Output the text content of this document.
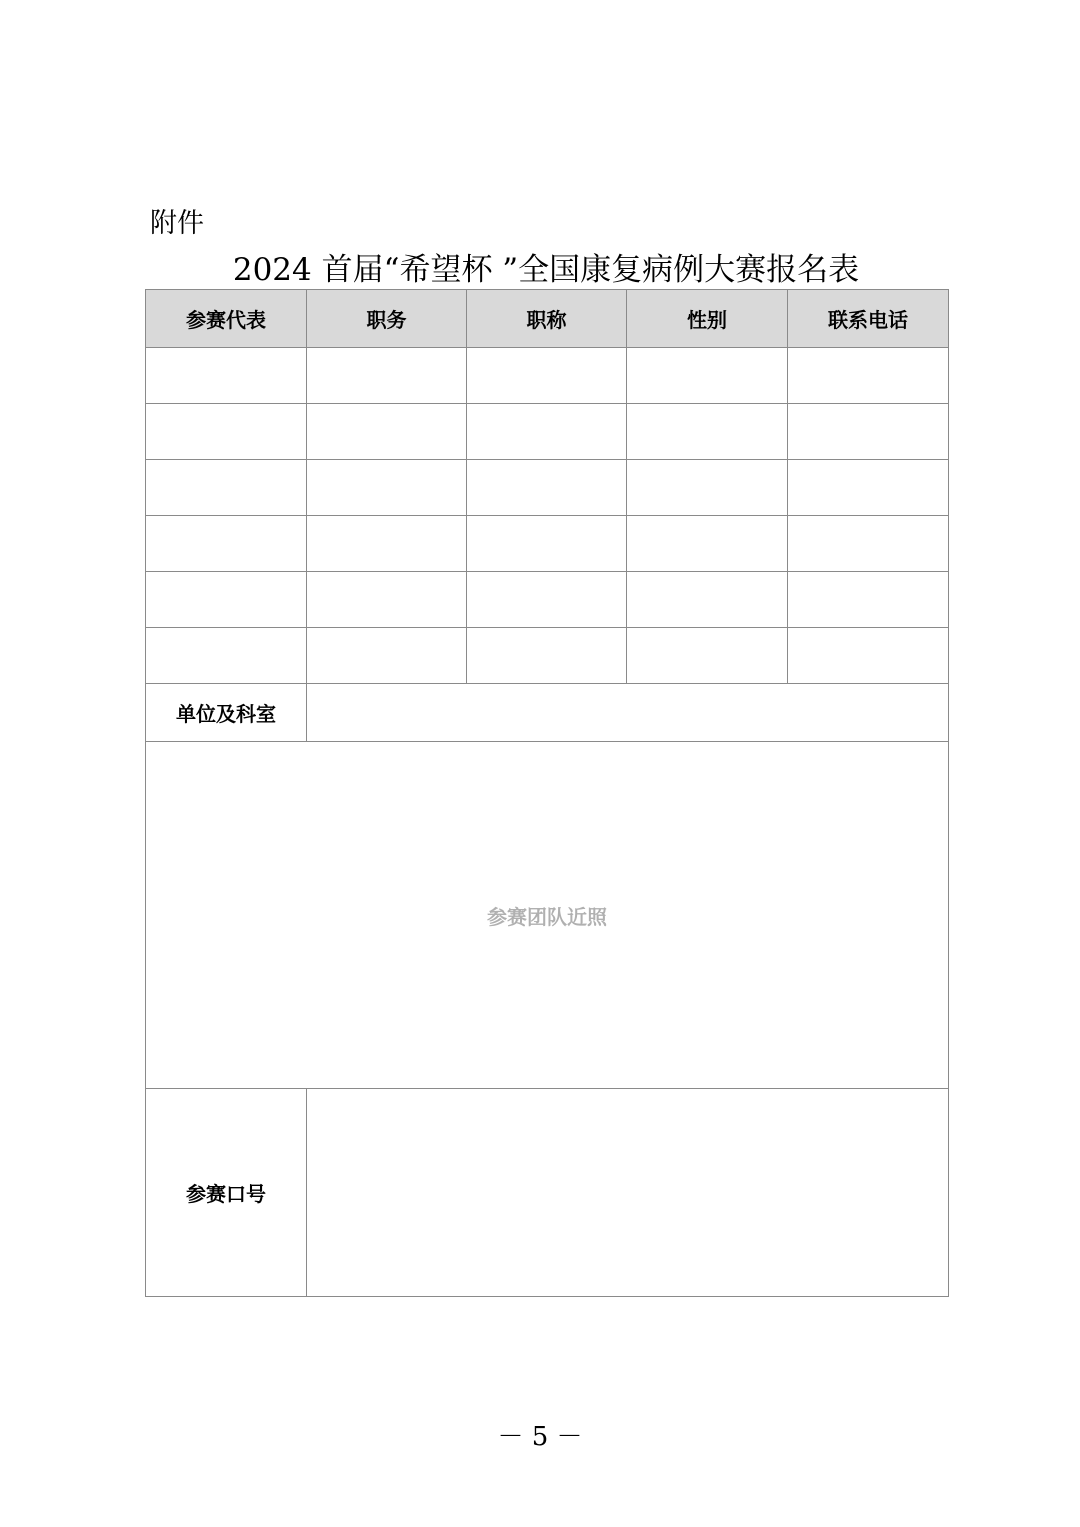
附件
2024 首届“希望杯 ”全国康复病例大赛报名表
参赛代表	职务	职称	性别	联系电话

单位及科室				
参赛团队近照				
参赛口号				
－ 5 －
